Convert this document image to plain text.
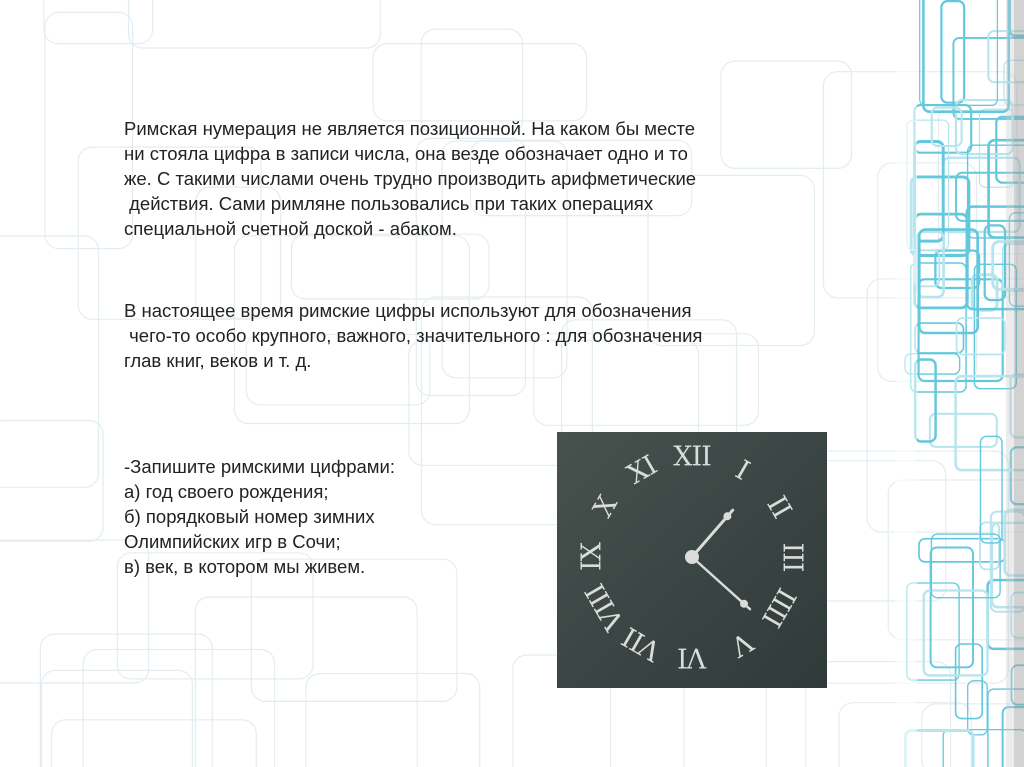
Римская нумерация не является позиционной. На каком бы месте
ни стояла цифра в записи числа, она везде обозначает одно и то
же. С такими числами очень трудно производить арифметические
действия. Сами римляне пользовались при таких операциях
специальной счетной доской - абаком.
В настоящее время римские цифры используют для обозначения
чего-то особо крупного, важного, значительного : для обозначения
глав книг, веков и т. д.
-Запишите римскими цифрами:
а) год своего рождения;
б) порядковый номер зимних
Олимпийских игр в Сочи;
в) век, в котором мы живем.
XII I
II
III
IIII
V
VI
VII
VIII
IX
X
XI
